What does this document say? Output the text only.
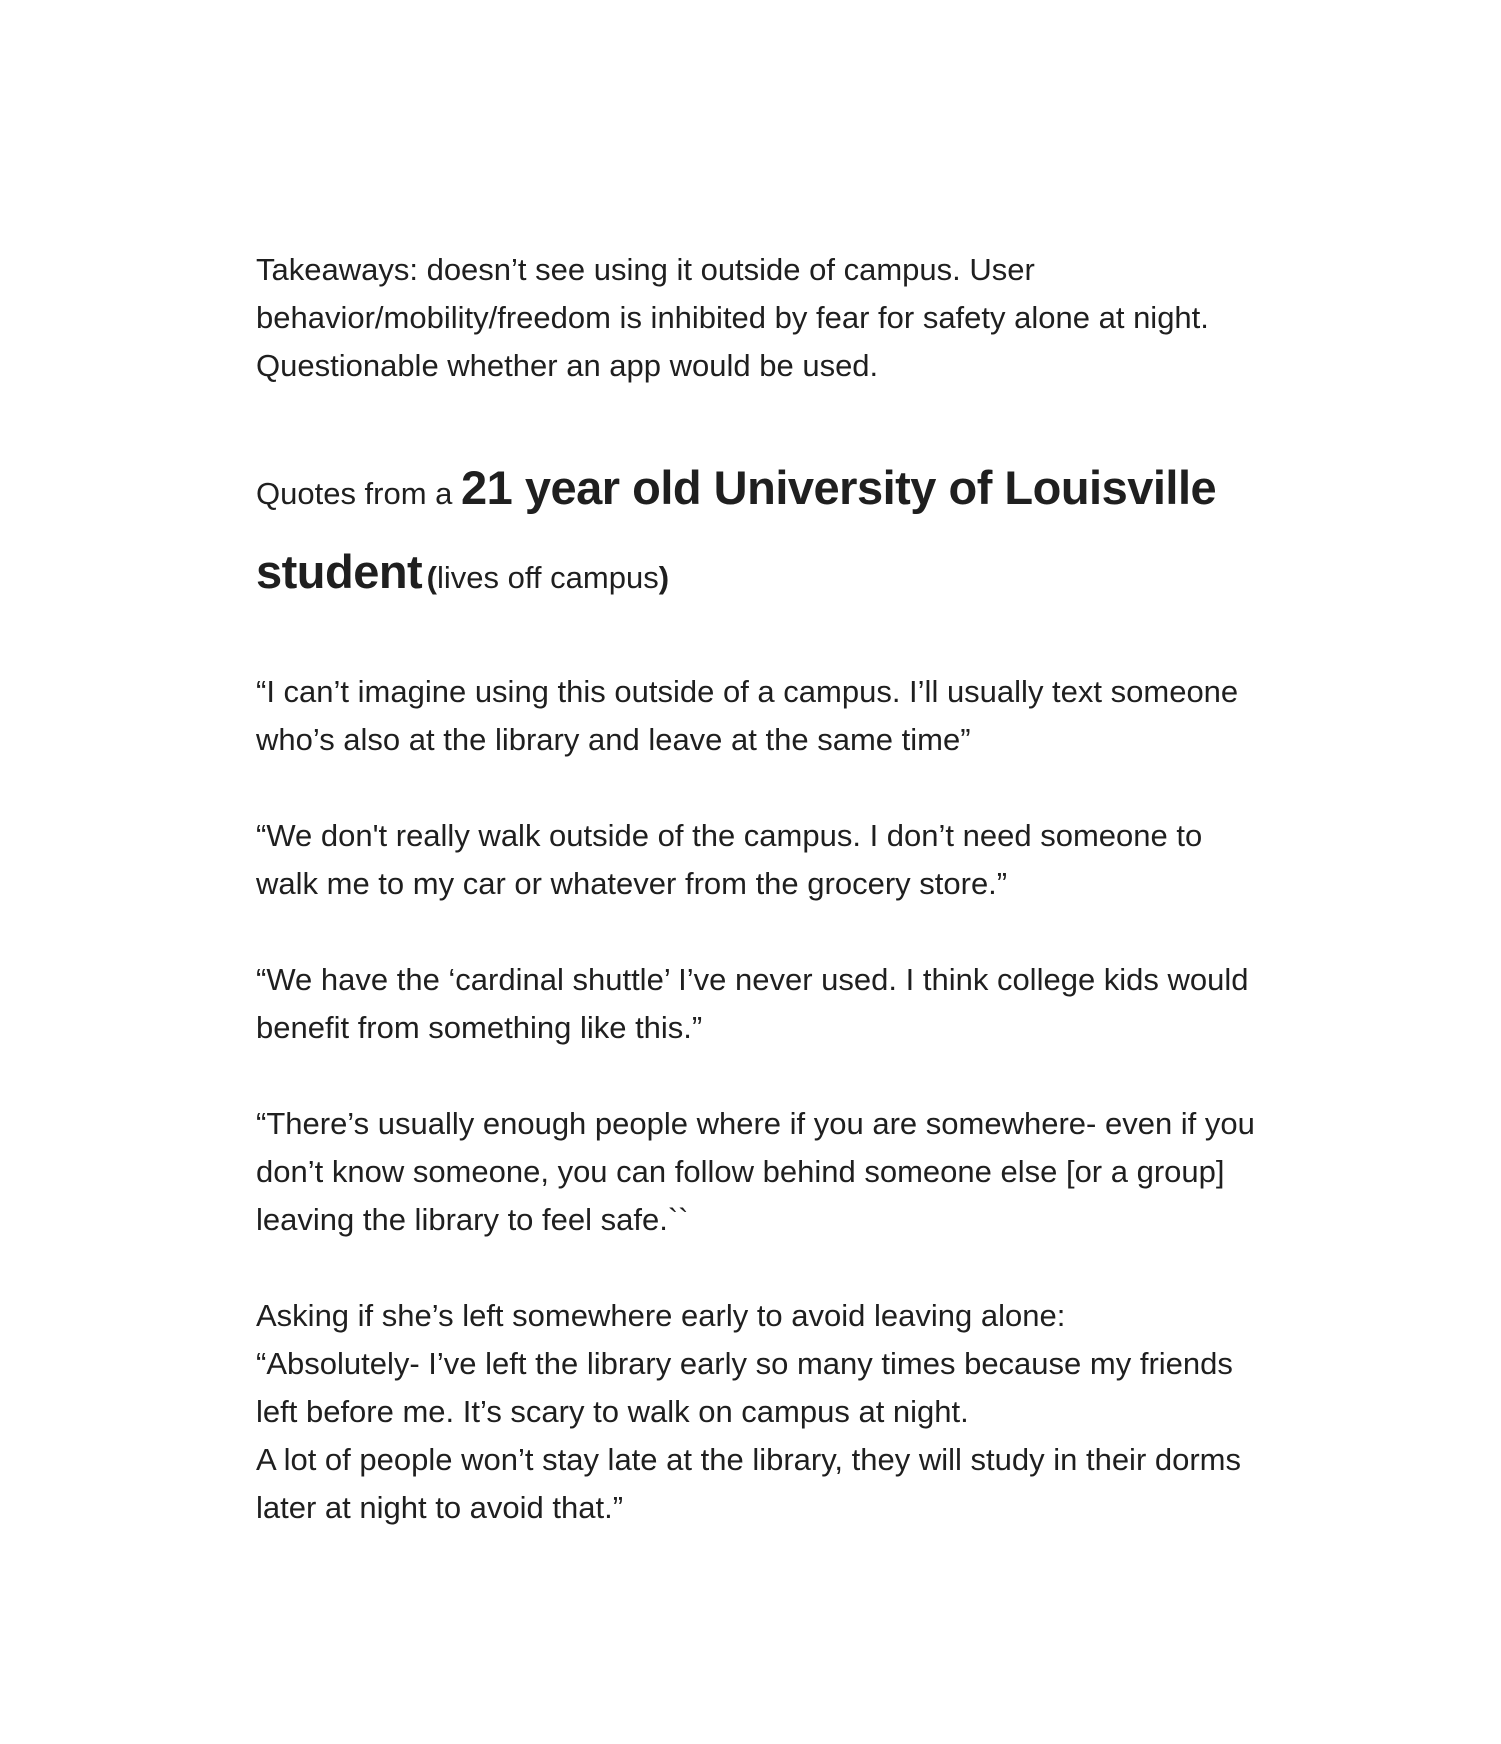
Takeaways: doesn’t see using it outside of campus. User behavior/mobility/freedom is inhibited by fear for safety alone at night. Questionable whether an app would be used.

Quotes from a 21 year old University of Louisville student (lives off campus)

“I can’t imagine using this outside of a campus. I’ll usually text someone who’s also at the library and leave at the same time”

“We don't really walk outside of the campus. I don’t need someone to walk me to my car or whatever from the grocery store.”

“We have the ‘cardinal shuttle’ I’ve never used. I think college kids would benefit from something like this.”

“There’s usually enough people where if you are somewhere- even if you don’t know someone, you can follow behind someone else [or a group] leaving the library to feel safe.``

Asking if she’s left somewhere early to avoid leaving alone:
“Absolutely- I’ve left the library early so many times because my friends left before me. It’s scary to walk on campus at night.
A lot of people won’t stay late at the library, they will study in their dorms later at night to avoid that.”
